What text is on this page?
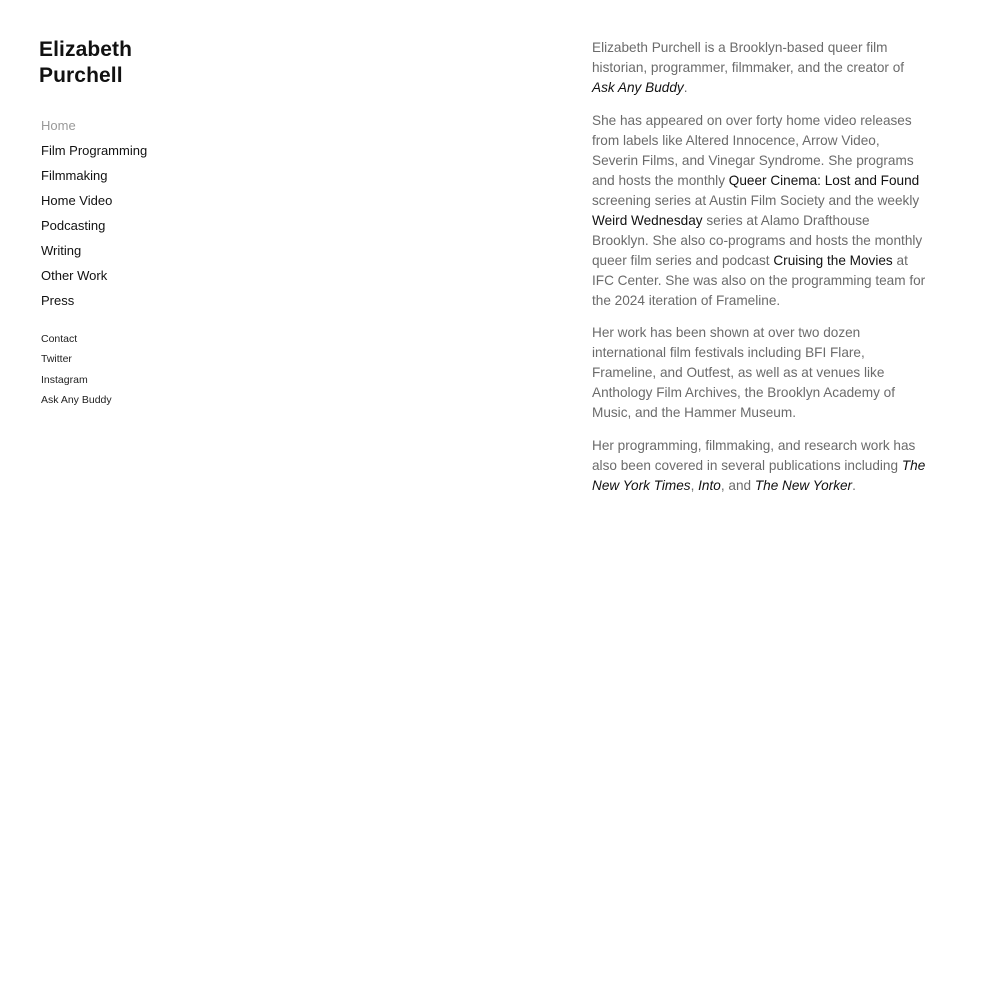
Elizabeth
Purchell
Home
Film Programming
Filmmaking
Home Video
Podcasting
Writing
Other Work
Press
Contact
Twitter
Instagram
Ask Any Buddy

Elizabeth Purchell is a Brooklyn-based queer film historian, programmer, filmmaker, and the creator of Ask Any Buddy.

She has appeared on over forty home video releases from labels like Altered Innocence, Arrow Video, Severin Films, and Vinegar Syndrome. She programs and hosts the monthly Queer Cinema: Lost and Found screening series at Austin Film Society and the weekly Weird Wednesday series at Alamo Drafthouse Brooklyn. She also co-programs and hosts the monthly queer film series and podcast Cruising the Movies at IFC Center. She was also on the programming team for the 2024 iteration of Frameline.

Her work has been shown at over two dozen international film festivals including BFI Flare, Frameline, and Outfest, as well as at venues like Anthology Film Archives, the Brooklyn Academy of Music, and the Hammer Museum.

Her programming, filmmaking, and research work has also been covered in several publications including The New York Times, Into, and The New Yorker.
